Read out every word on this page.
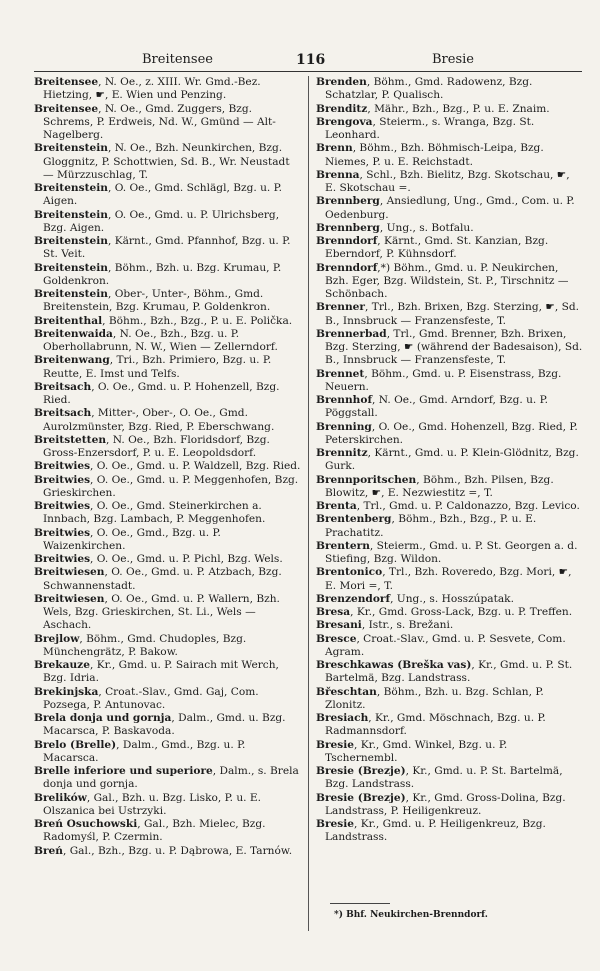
Breitensee	116	Bresie
Breitensee, N. Oe., z. XIII. Wr. Gmd.-Bez. Hietzing, ☛, E. Wien und Penzing.
Breitensee, N. Oe., Gmd. Zuggers, Bzg. Schrems, P. Erdweis, Nd. W., Gmünd — Alt-Nagelberg.
Breitenstein, N. Oe., Bzh. Neunkirchen, Bzg. Gloggnitz, P. Schottwien, Sd. B., Wr. Neustadt — Mürzzuschlag, T.
Breitenstein, O. Oe., Gmd. Schlägl, Bzg. u. P. Aigen.
Breitenstein, O. Oe., Gmd. u. P. Ulrichsberg, Bzg. Aigen.
Breitenstein, Kärnt., Gmd. Pfannhof, Bzg. u. P. St. Veit.
Breitenstein, Böhm., Bzh. u. Bzg. Krumau, P. Goldenkron.
Breitenstein, Ober-, Unter-, Böhm., Gmd. Breitenstein, Bzg. Krumau, P. Goldenkron.
Breitenthal, Böhm., Bzh., Bzg., P. u. E. Polička.
Breitenwaida, N. Oe., Bzh., Bzg. u. P. Oberhollabrunn, N. W., Wien — Zellerndorf.
Breitenwang, Tri., Bzh. Primiero, Bzg. u. P. Reutte, E. Imst und Telfs.
Breitsach, O. Oe., Gmd. u. P. Hohenzell, Bzg. Ried.
Breitsach, Mitter-, Ober-, O. Oe., Gmd. Aurolzmünster, Bzg. Ried, P. Eberschwang.
Breitstetten, N. Oe., Bzh. Floridsdorf, Bzg. Gross-Enzersdorf, P. u. E. Leopoldsdorf.
Breitwies, O. Oe., Gmd. u. P. Waldzell, Bzg. Ried.
Breitwies, O. Oe., Gmd. u. P. Meggenhofen, Bzg. Grieskirchen.
Breitwies, O. Oe., Gmd. Steinerkirchen a. Innbach, Bzg. Lambach, P. Meggenhofen.
Breitwies, O. Oe., Gmd., Bzg. u. P. Waizenkirchen.
Breitwies, O. Oe., Gmd. u. P. Pichl, Bzg. Wels.
Breitwiesen, O. Oe., Gmd. u. P. Atzbach, Bzg. Schwannenstadt.
Breitwiesen, O. Oe., Gmd. u. P. Wallern, Bzh. Wels, Bzg. Grieskirchen, St. Li., Wels — Aschach.
Brejlow, Böhm., Gmd. Chudoples, Bzg. Münchengrätz, P. Bakow.
Brekauze, Kr., Gmd. u. P. Sairach mit Werch, Bzg. Idria.
Brekinjska, Croat.-Slav., Gmd. Gaj, Com. Pozsega, P. Antunovac.
Brela donja und gornja, Dalm., Gmd. u. Bzg. Macarsca, P. Baskavoda.
Brelo (Brelle), Dalm., Gmd., Bzg. u. P. Macarsca.
Brelle inferiore und superiore, Dalm., s. Brela donja und gornja.
Brelików, Gal., Bzh. u. Bzg. Lisko, P. u. E. Olszanica bei Ustrzyki.
Breń Osuchowski, Gal., Bzh. Mielec, Bzg. Radomyśl, P. Czermin.
Breń, Gal., Bzh., Bzg. u. P. Dąbrowa, E. Tarnów.
Brenden, Böhm., Gmd. Radowenz, Bzg. Schatzlar, P. Qualisch.
Brenditz, Mähr., Bzh., Bzg., P. u. E. Znaim.
Brengova, Steierm., s. Wranga, Bzg. St. Leonhard.
Brenn, Böhm., Bzh. Böhmisch-Leipa, Bzg. Niemes, P. u. E. Reichstadt.
Brenna, Schl., Bzh. Bielitz, Bzg. Skotschau, ☛, E. Skotschau =.
Brennberg, Ansiedlung, Ung., Gmd., Com. u. P. Oedenburg.
Brennberg, Ung., s. Botfalu.
Brenndorf, Kärnt., Gmd. St. Kanzian, Bzg. Eberndorf, P. Kühnsdorf.
Brenndorf,*) Böhm., Gmd. u. P. Neukirchen, Bzh. Eger, Bzg. Wildstein, St. P., Tirschnitz — Schönbach.
Brenner, Trl., Bzh. Brixen, Bzg. Sterzing, ☛, Sd. B., Innsbruck — Franzensfeste, T.
Brennerbad, Trl., Gmd. Brenner, Bzh. Brixen, Bzg. Sterzing, ☛ (während der Badesaison), Sd. B., Innsbruck — Franzensfeste, T.
Brennet, Böhm., Gmd. u. P. Eisenstrass, Bzg. Neuern.
Brennhof, N. Oe., Gmd. Arndorf, Bzg. u. P. Pöggstall.
Brenning, O. Oe., Gmd. Hohenzell, Bzg. Ried, P. Peterskirchen.
Brennitz, Kärnt., Gmd. u. P. Klein-Glödnitz, Bzg. Gurk.
Brennporitschen, Böhm., Bzh. Pilsen, Bzg. Blowitz, ☛, E. Nezwiestitz =, T.
Brenta, Trl., Gmd. u. P. Caldonazzo, Bzg. Levico.
Brentenberg, Böhm., Bzh., Bzg., P. u. E. Prachatitz.
Brentern, Steierm., Gmd. u. P. St. Georgen a. d. Stiefing, Bzg. Wildon.
Brentonico, Trl., Bzh. Roveredo, Bzg. Mori, ☛, E. Mori =, T.
Brenzendorf, Ung., s. Hosszúpatak.
Bresa, Kr., Gmd. Gross-Lack, Bzg. u. P. Treffen.
Bresani, Istr., s. Brežani.
Bresce, Croat.-Slav., Gmd. u. P. Sesvete, Com. Agram.
Breschkawas (Breška vas), Kr., Gmd. u. P. St. Bartelmä, Bzg. Landstrass.
Břeschtan, Böhm., Bzh. u. Bzg. Schlan, P. Zlonitz.
Bresiach, Kr., Gmd. Möschnach, Bzg. u. P. Radmannsdorf.
Bresie, Kr., Gmd. Winkel, Bzg. u. P. Tschernembl.
Bresie (Brezje), Kr., Gmd. u. P. St. Bartelmä, Bzg. Landstrass.
Bresie (Brezje), Kr., Gmd. Gross-Dolina, Bzg. Landstrass, P. Heiligenkreuz.
Bresie, Kr., Gmd. u. P. Heiligenkreuz, Bzg. Landstrass.
*) Bhf. Neukirchen-Brenndorf.
